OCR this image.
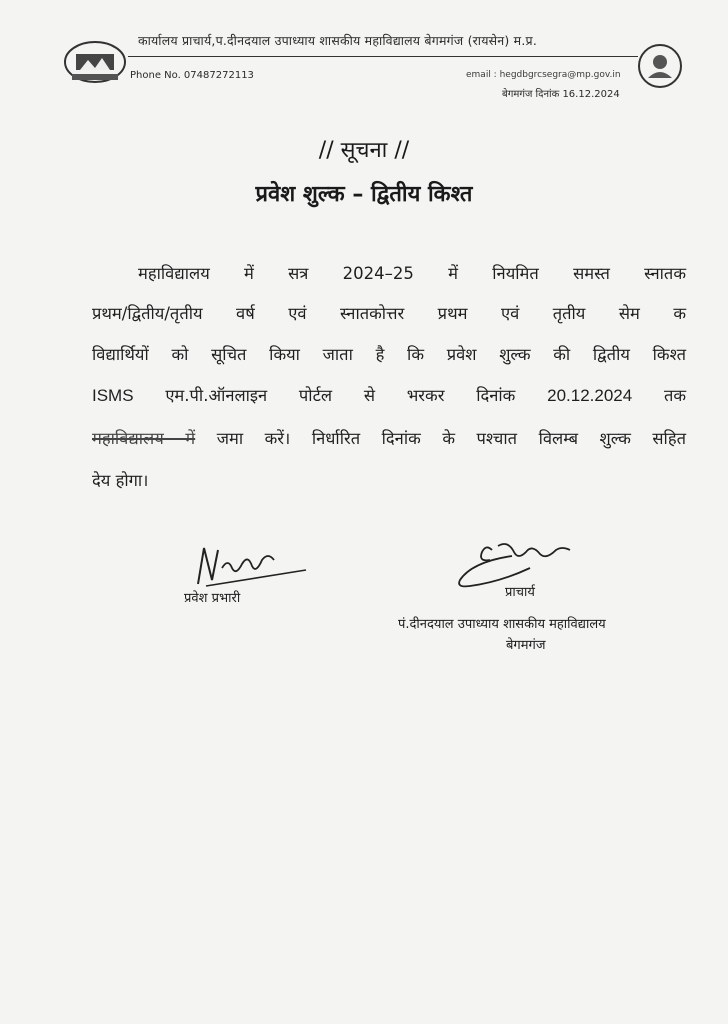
कार्यालय प्राचार्य,प.दीनदयाल उपाध्याय शासकीय महाविद्यालय बेगमगंज (रायसेन) म.प्र.
Phone No. 07487272113	email : hegdbgrcsegra@mp.gov.in
बेगमगंज दिनांक 16.12.2024
// सूचना //
प्रवेश शुल्क – द्वितीय किश्त
महाविद्यालय में सत्र 2024–25 में नियमित समस्त स्नातक
प्रथम/द्वितीय/तृतीय वर्ष एवं स्नातकोत्तर प्रथम एवं तृतीय सेम क
विद्यार्थियों को सूचित किया जाता है कि प्रवेश शुल्क की द्वितीय किश्त
ISMS एम.पी.ऑनलाइन पोर्टल से भरकर दिनांक 20.12.2024 तक
महाविद्यालय में जमा करें। निर्धारित दिनांक के पश्चात विलम्ब शुल्क सहित
देय होगा।
प्रवेश प्रभारी	प्राचार्य
पं.दीनदयाल उपाध्याय शासकीय महाविद्यालय
बेगमगंज
